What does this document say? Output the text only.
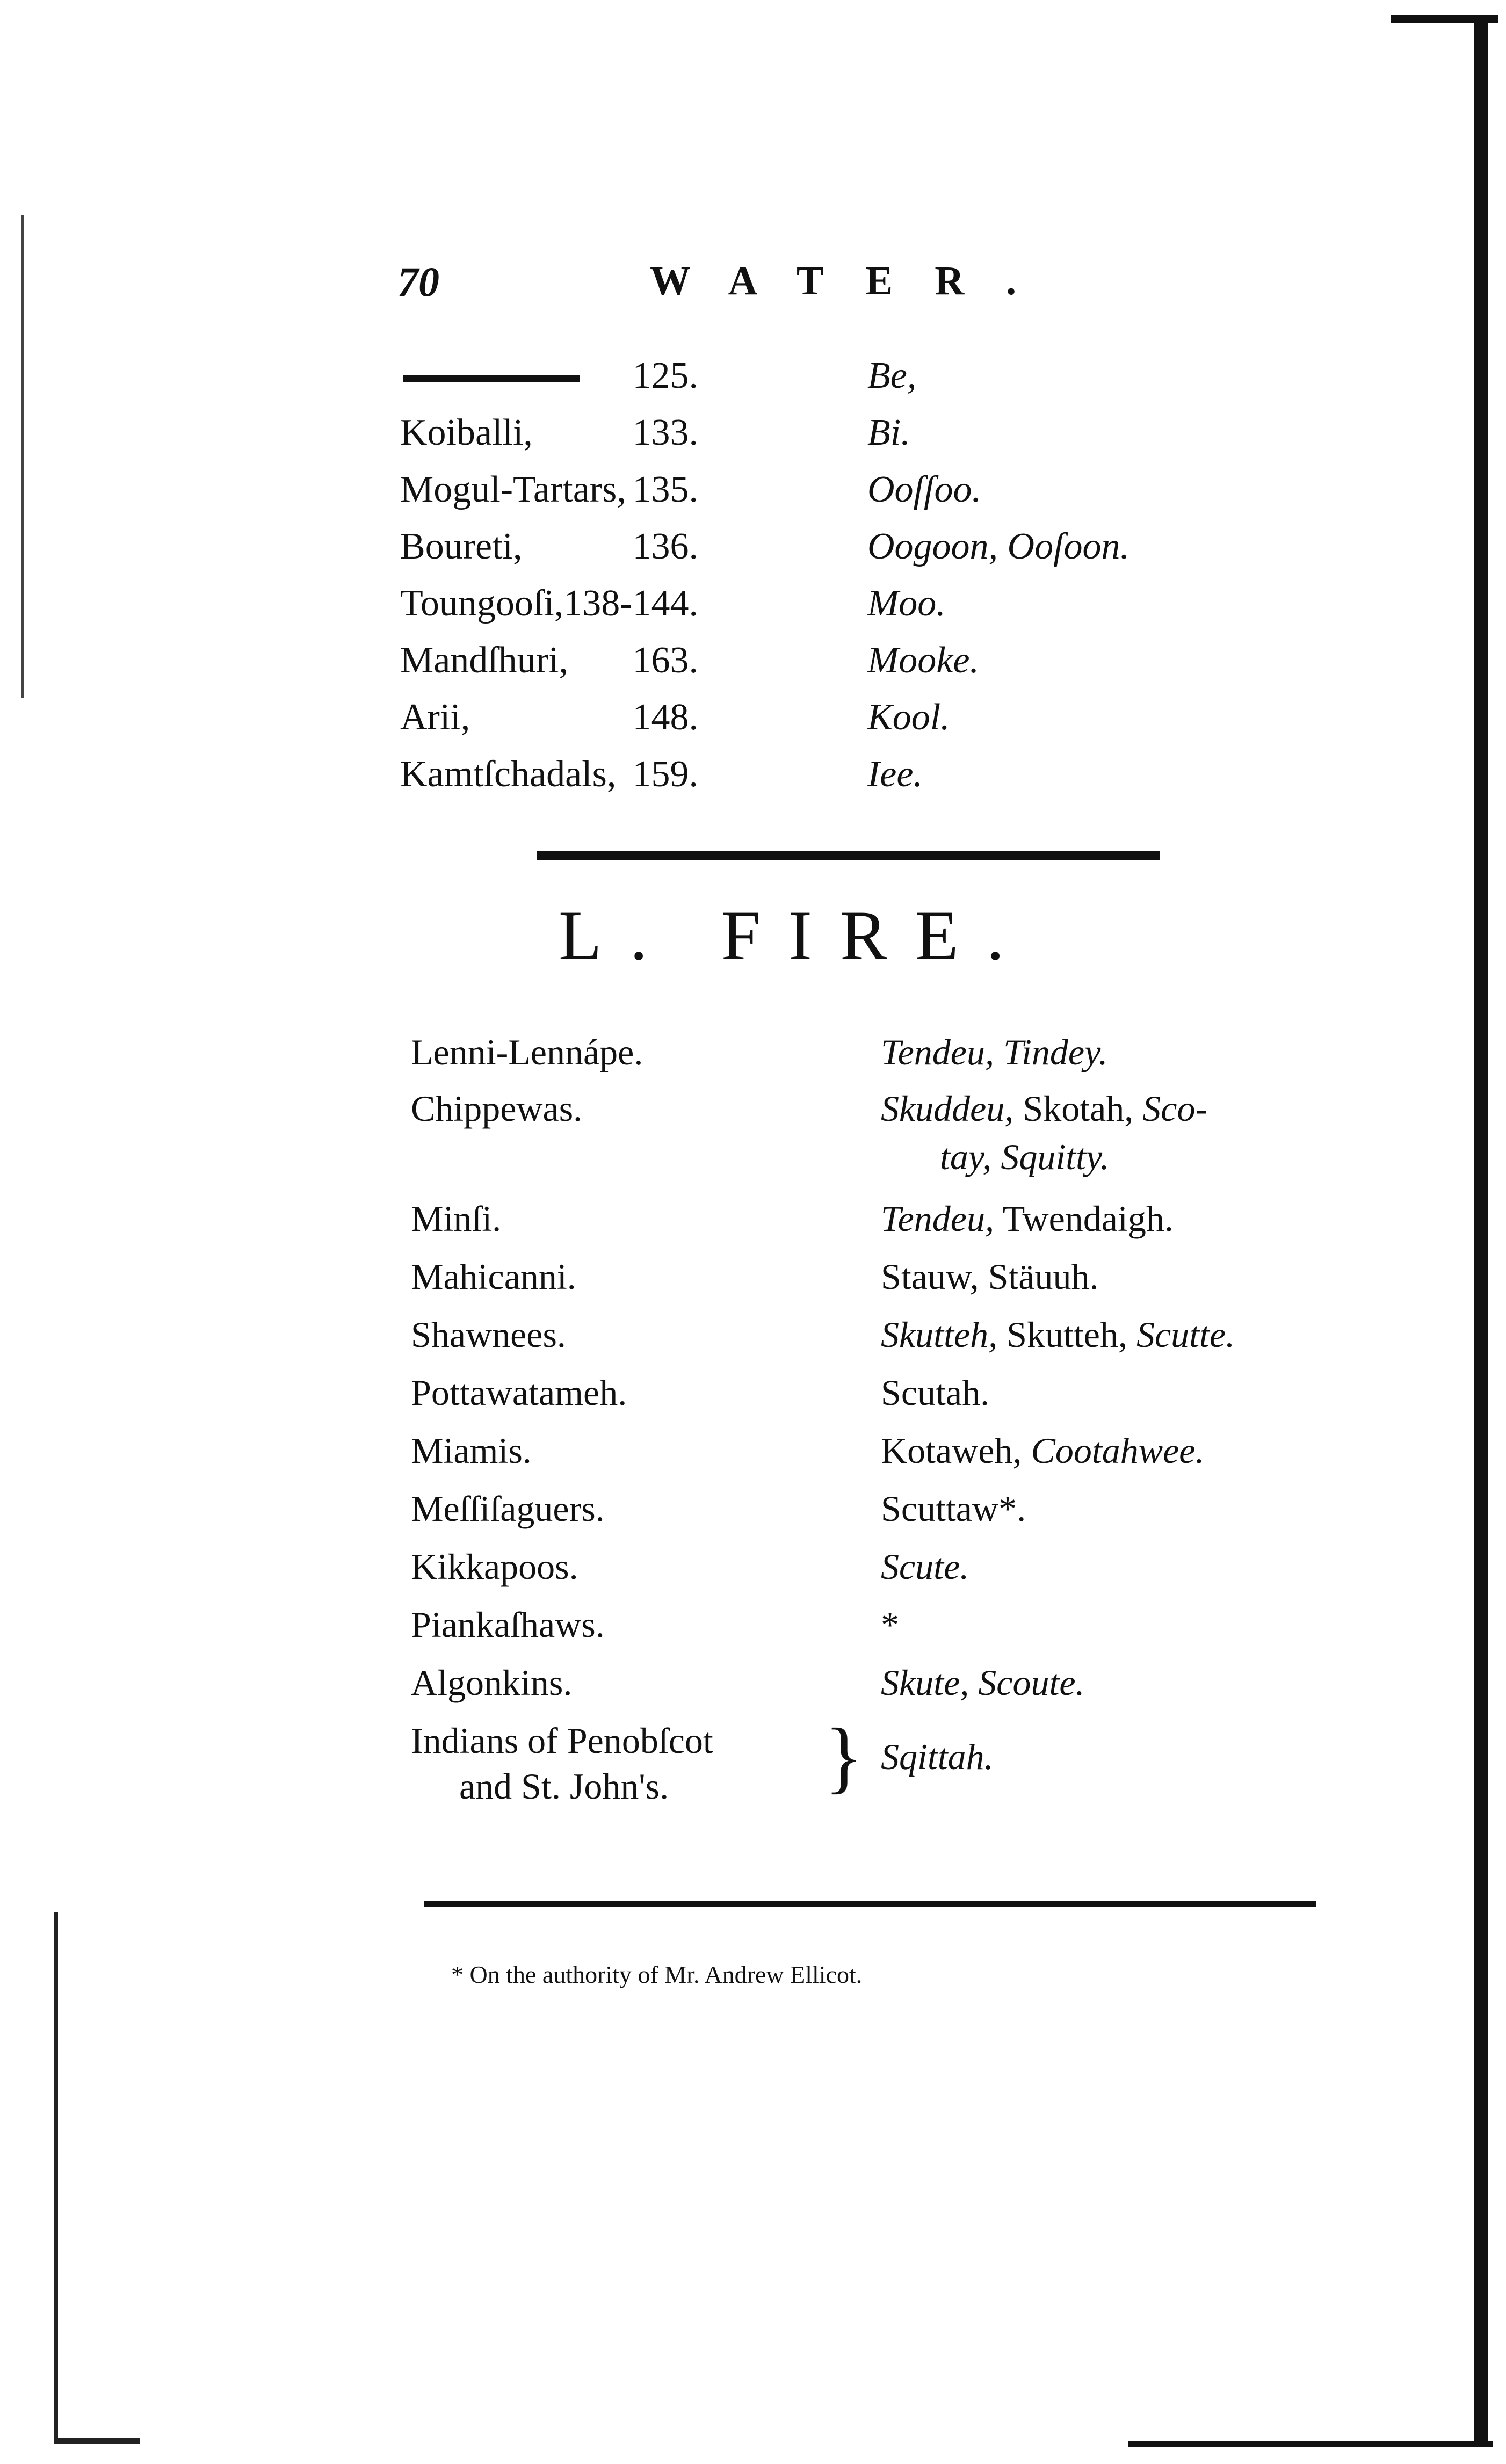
70	WATER.
125.	Be,
Koiballi,	133.	Bi.
Mogul-Tartars, 135.	Ooſſoo.
Boureti,	136.	Oogoon, Ooſoon.
Toungooſi, 138-144.	Moo.
Mandſhuri, 163.	Mooke.
Arii,	148.	Kool.
Kamtſchadals, 159.	Iee.
L. FIRE.
Lenni-Lennápe.	Tendeu, Tindey.
Chippewas.	Skuddeu, Skotah, Sco-
tay, Squitty.
Minſi.	Tendeu, Twendaigh.
Mahicanni.	Stauw, Stäuuh.
Shawnees.	Skutteh, Skutteh, Scutte.
Pottawatameh.	Scutah.
Miamis.	Kotaweh, Cootahwee.
Meſſiſaguers.	Scuttaw*.
Kikkapoos.	Scute.
Piankaſhaws.	*
Algonkins.	Skute, Scoute.
Indians of Penobſcot } Sqittah.
and St. John's.
* On the authority of Mr. Andrew Ellicot.
